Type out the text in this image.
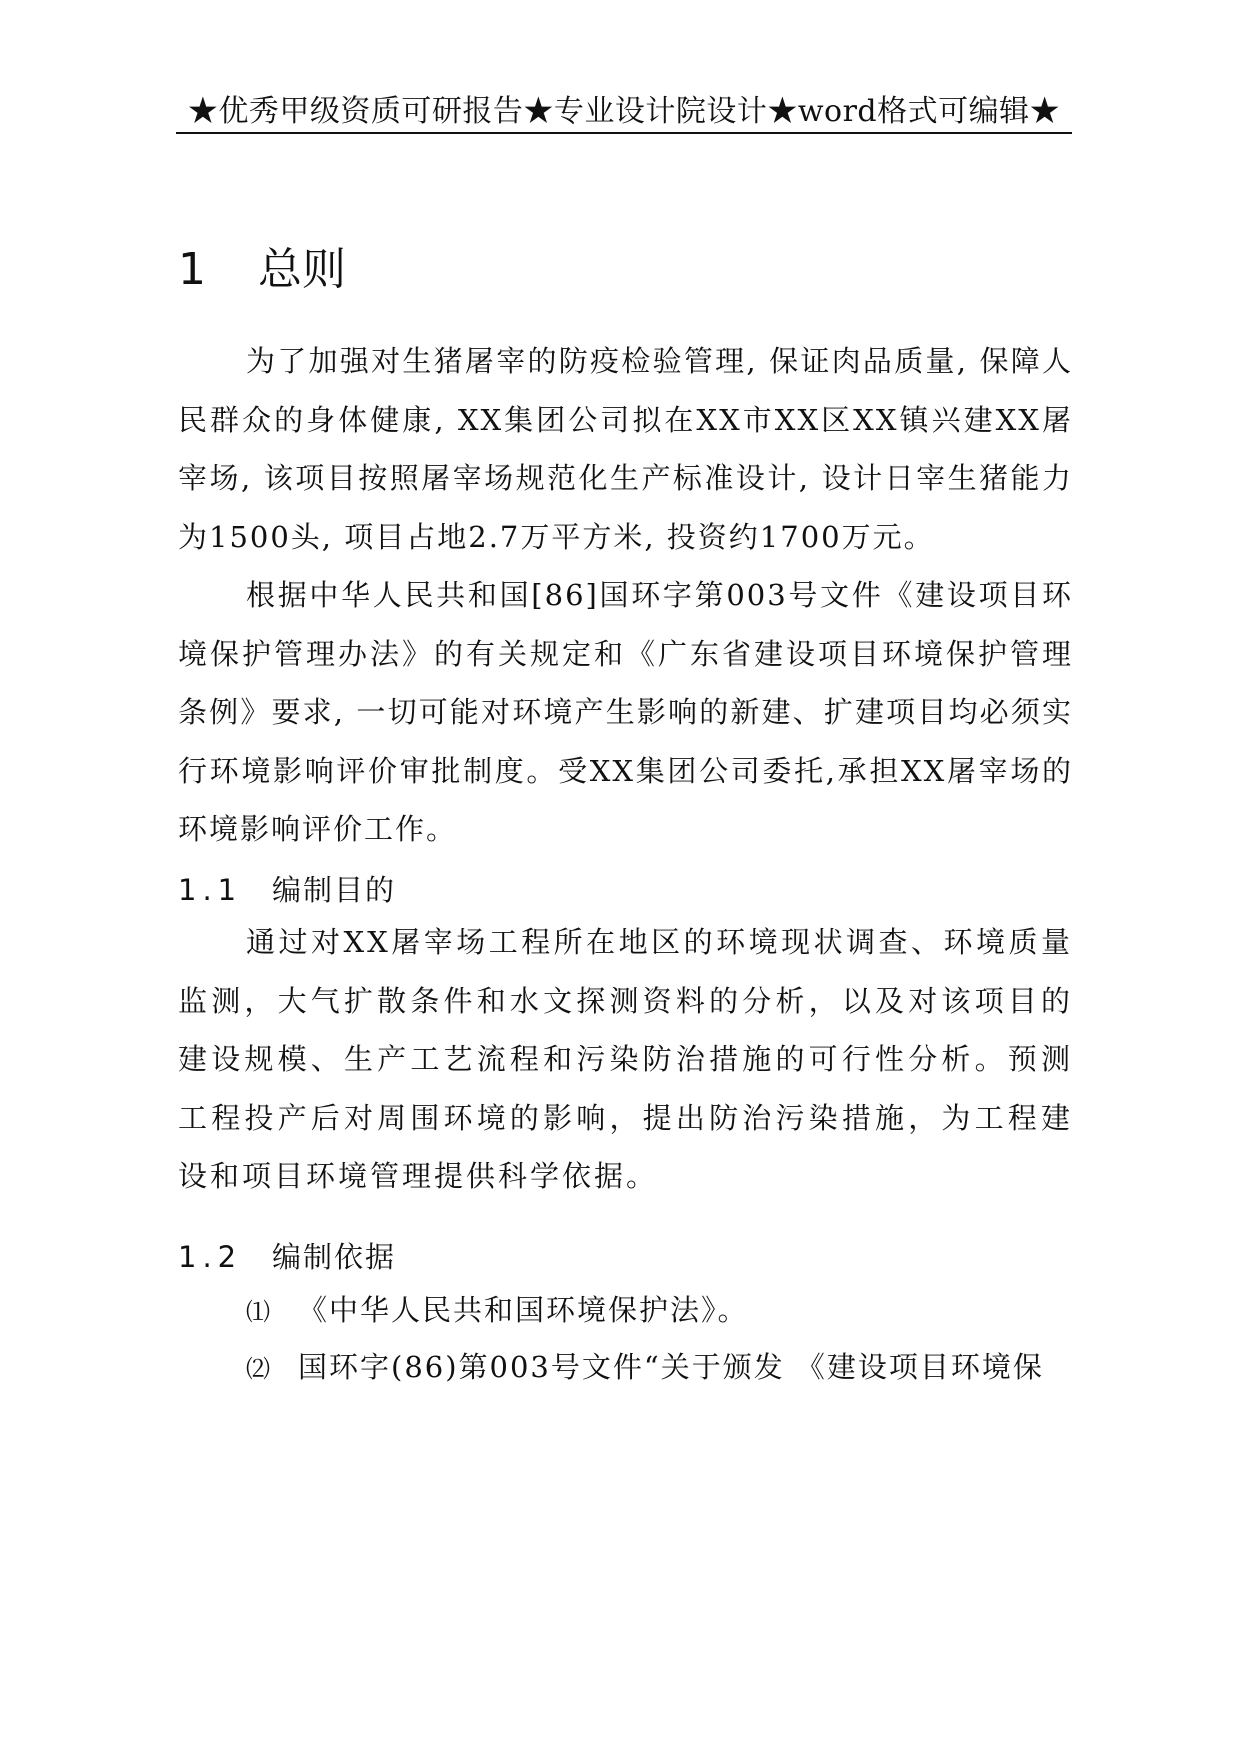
★优秀甲级资质可研报告★专业设计院设计★word格式可编辑★
1 总则

为了加强对生猪屠宰的防疫检验管理, 保证肉品质量, 保障人民群众的身体健康, XX集团公司拟在XX市XX区XX镇兴建XX屠宰场, 该项目按照屠宰场规范化生产标准设计, 设计日宰生猪能力为1500头, 项目占地2.7万平方米, 投资约1700万元。

根据中华人民共和国[86]国环字第003号文件《建设项目环境保护管理办法》的有关规定和《广东省建设项目环境保护管理条例》要求, 一切可能对环境产生影响的新建、扩建项目均必须实行环境影响评价审批制度。受XX集团公司委托,承担XX屠宰场的环境影响评价工作。

1.1 编制目的

通过对XX屠宰场工程所在地区的环境现状调查、环境质量监测，大气扩散条件和水文探测资料的分析，以及对该项目的建设规模、生产工艺流程和污染防治措施的可行性分析。预测工程投产后对周围环境的影响，提出防治污染措施，为工程建设和项目环境管理提供科学依据。

1.2 编制依据
⑴ 《中华人民共和国环境保护法》。
⑵ 国环字(86)第003号文件“关于颁发 《建设项目环境保
